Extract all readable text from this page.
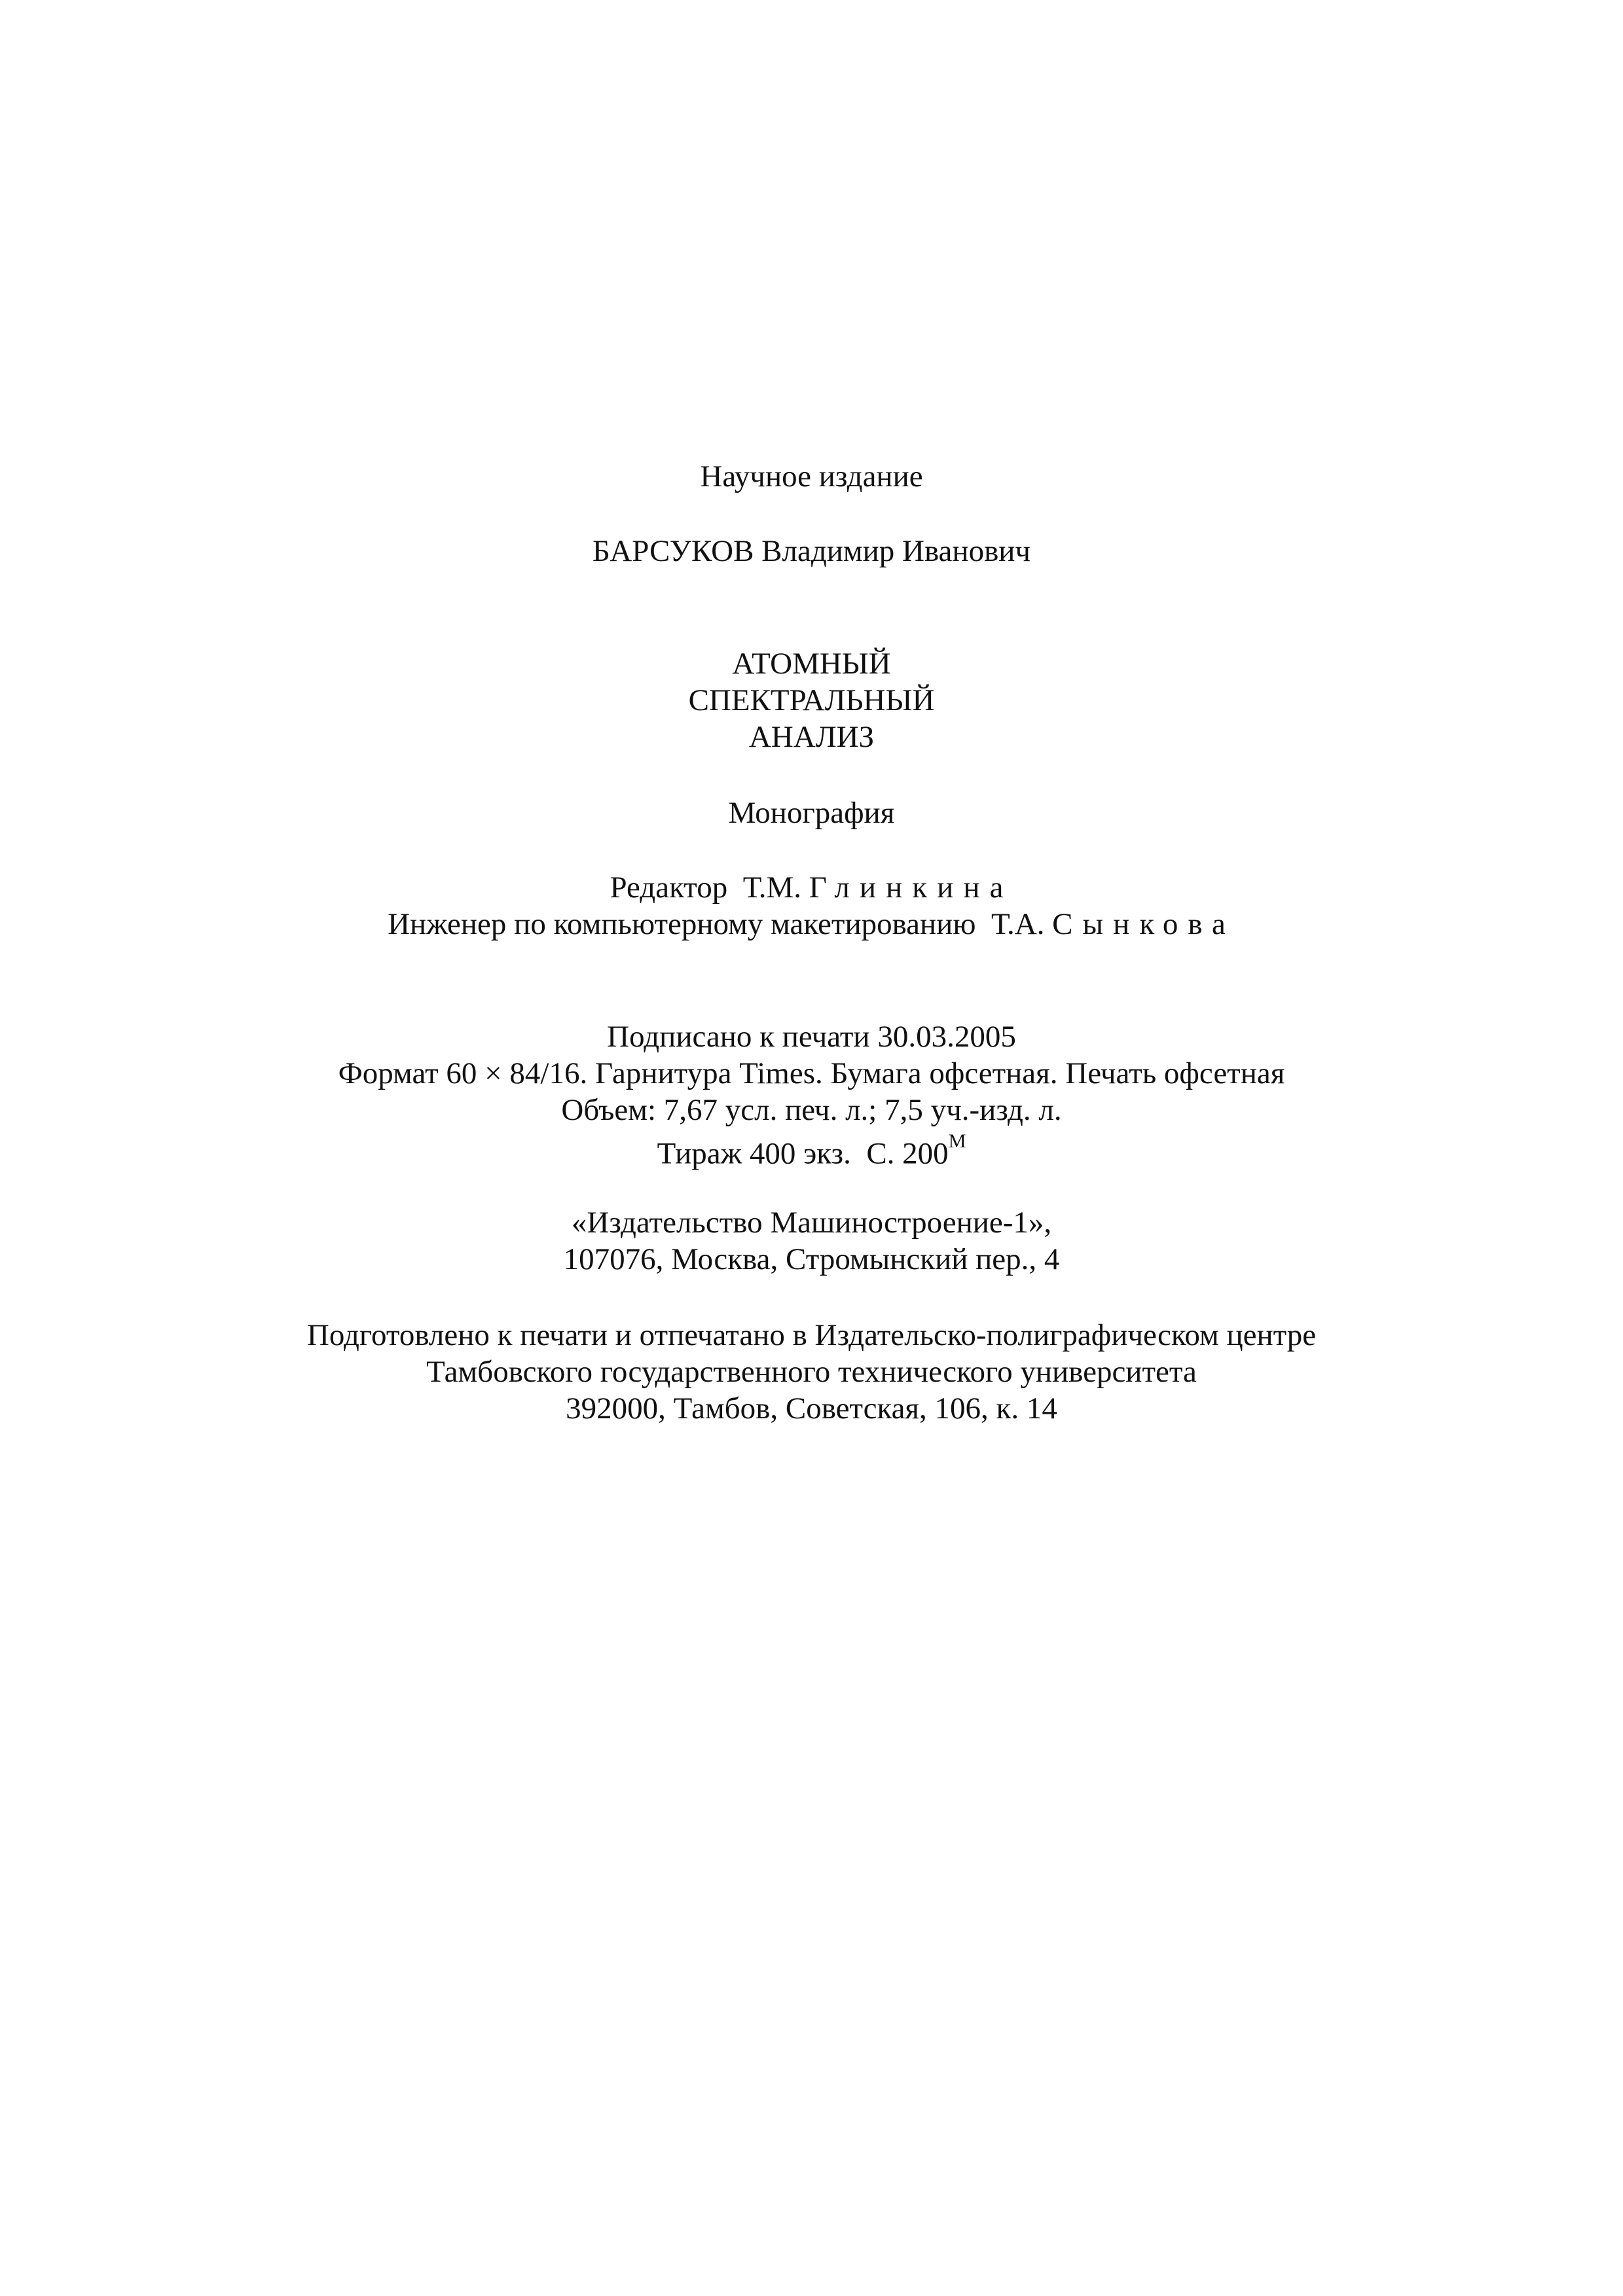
Научное издание
БАРСУКОВ Владимир Иванович
АТОМНЫЙ
СПЕКТРАЛЬНЫЙ
АНАЛИЗ
Монография
Редактор  Т.М. Глинкина
Инженер по компьютерному макетированию  Т.А. Сынкова
Подписано к печати 30.03.2005
Формат 60 × 84/16. Гарнитура Times. Бумага офсетная. Печать офсетная
Объем: 7,67 усл. печ. л.; 7,5 уч.-изд. л.
Тираж 400 экз.  С. $200^М$
«Издательство Машиностроение-1»,
107076, Москва, Стромынский пер., 4
Подготовлено к печати и отпечатано в Издательско-полиграфическом центре
Тамбовского государственного технического университета
392000, Тамбов, Советская, 106, к. 14
